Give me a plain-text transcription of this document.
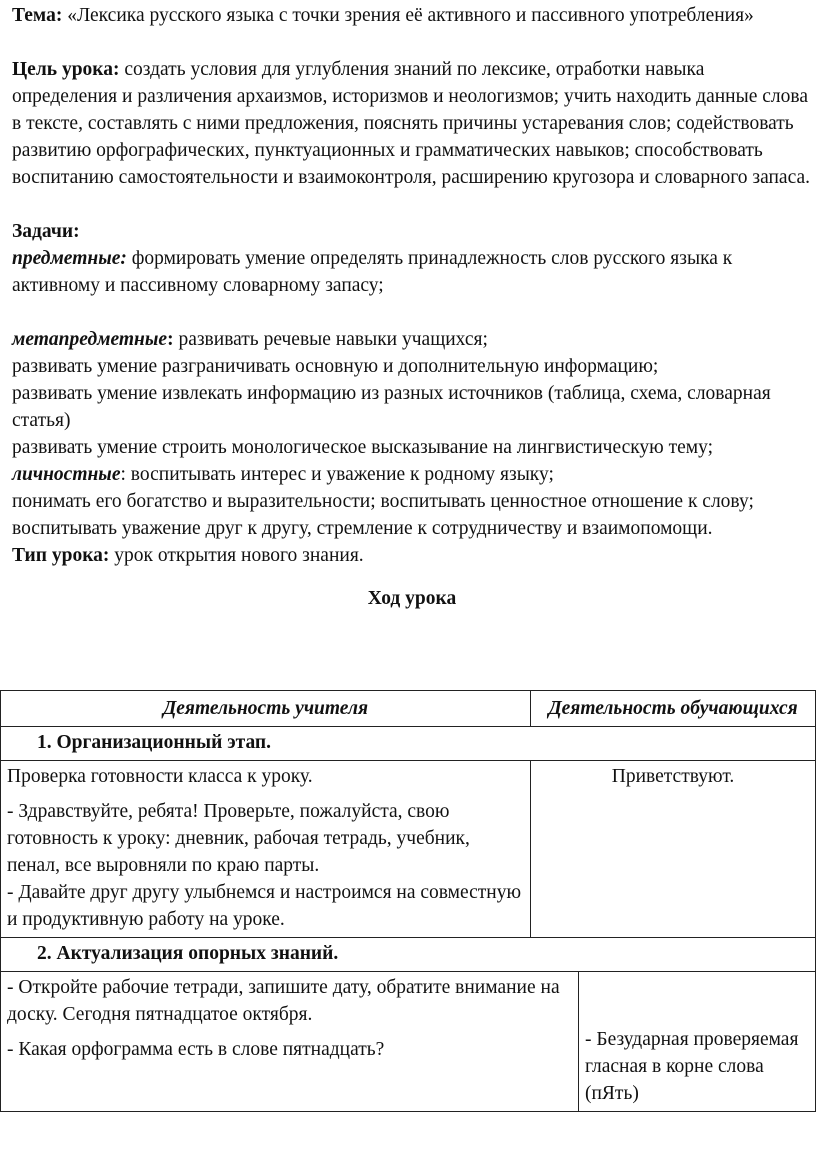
Тема: «Лексика русского языка с точки зрения её активного и пассивного употребления»

Цель урока: создать условия для углубления знаний по лексике, отработки навыка определения и различения архаизмов, историзмов и неологизмов; учить находить данные слова в тексте, составлять с ними предложения, пояснять причины устаревания слов; содействовать развитию орфографических, пунктуационных и грамматических навыков; способствовать воспитанию самостоятельности и взаимоконтроля, расширению кругозора и словарного запаса.

Задачи:

предметные: формировать умение определять принадлежность слов русского языка к активному и пассивному словарному запасу;

метапредметные: развивать речевые навыки учащихся;

развивать умение разграничивать основную и дополнительную информацию;

развивать умение извлекать информацию из разных источников (таблица, схема, словарная статья)

развивать умение строить монологическое высказывание на лингвистическую тему;

личностные: воспитывать интерес и уважение к родному языку;

понимать его богатство и выразительности; воспитывать ценностное отношение к слову; воспитывать уважение друг к другу, стремление к сотрудничеству и взаимопомощи.

Тип урока: урок открытия нового знания.

Ход урока

Деятельность учителя	Деятельность обучающихся	
1. Организационный этап.		

Проверка готовности класса к уроку.

- Здравствуйте, ребята! Проверьте, пожалуйста, свою готовность к уроку: дневник, рабочая тетрадь, учебник, пенал, все выровняли по краю парты.

- Давайте друг другу улыбнемся и настроимся на совместную и продуктивную работу на уроке.	Приветствуют.	
2. Актуализация опорных знаний.		

- Откройте рабочие тетради, запишите дату, обратите внимание на доску. Сегодня пятнадцатое октября.

- Какая орфограмма есть в слове пятнадцать?		- Безударная проверяемая гласная в корне слова (пЯть)
